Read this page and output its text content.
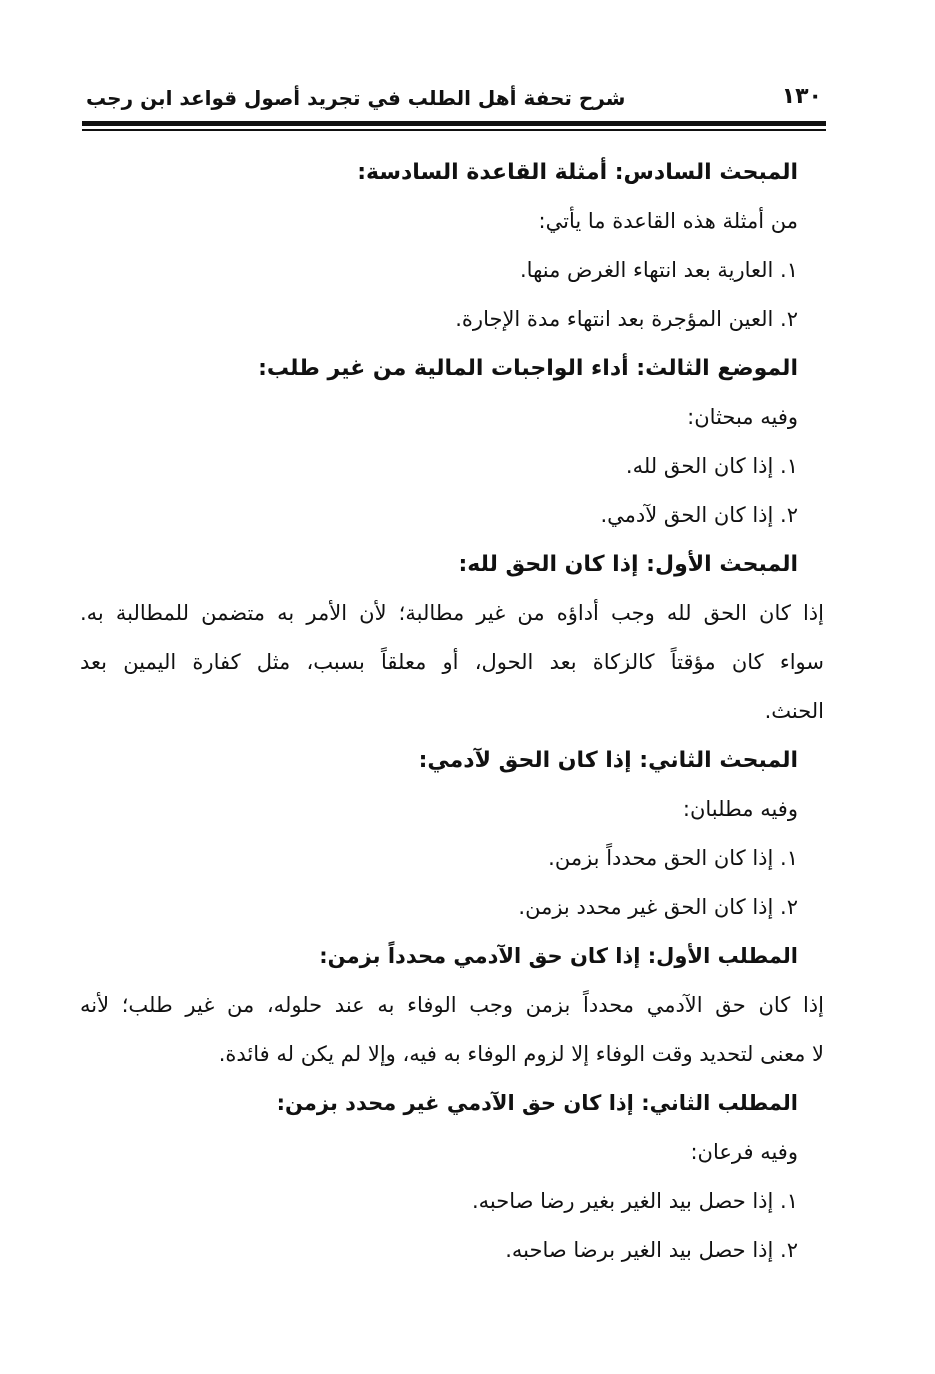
١٣٠
شرح تحفة أهل الطلب في تجريد أصول قواعد ابن رجب
المبحث السادس: أمثلة القاعدة السادسة:
من أمثلة هذه القاعدة ما يأتي:
١. العارية بعد انتهاء الغرض منها.
٢. العين المؤجرة بعد انتهاء مدة الإجارة.
الموضع الثالث: أداء الواجبات المالية من غير طلب:
وفيه مبحثان:
١. إذا كان الحق لله.
٢. إذا كان الحق لآدمي.
المبحث الأول: إذا كان الحق لله:
إذا كان الحق لله وجب أداؤه من غير مطالبة؛ لأن الأمر به متضمن للمطالبة به.
سواء كان مؤقتاً كالزكاة بعد الحول، أو معلقاً بسبب، مثل كفارة اليمين بعد
الحنث.
المبحث الثاني: إذا كان الحق لآدمي:
وفيه مطلبان:
١. إذا كان الحق محدداً بزمن.
٢. إذا كان الحق غير محدد بزمن.
المطلب الأول: إذا كان حق الآدمي محدداً بزمن:
إذا كان حق الآدمي محدداً بزمن وجب الوفاء به عند حلوله، من غير طلب؛ لأنه
لا معنى لتحديد وقت الوفاء إلا لزوم الوفاء به فيه، وإلا لم يكن له فائدة.
المطلب الثاني: إذا كان حق الآدمي غير محدد بزمن:
وفيه فرعان:
١. إذا حصل بيد الغير بغير رضا صاحبه.
٢. إذا حصل بيد الغير برضا صاحبه.
